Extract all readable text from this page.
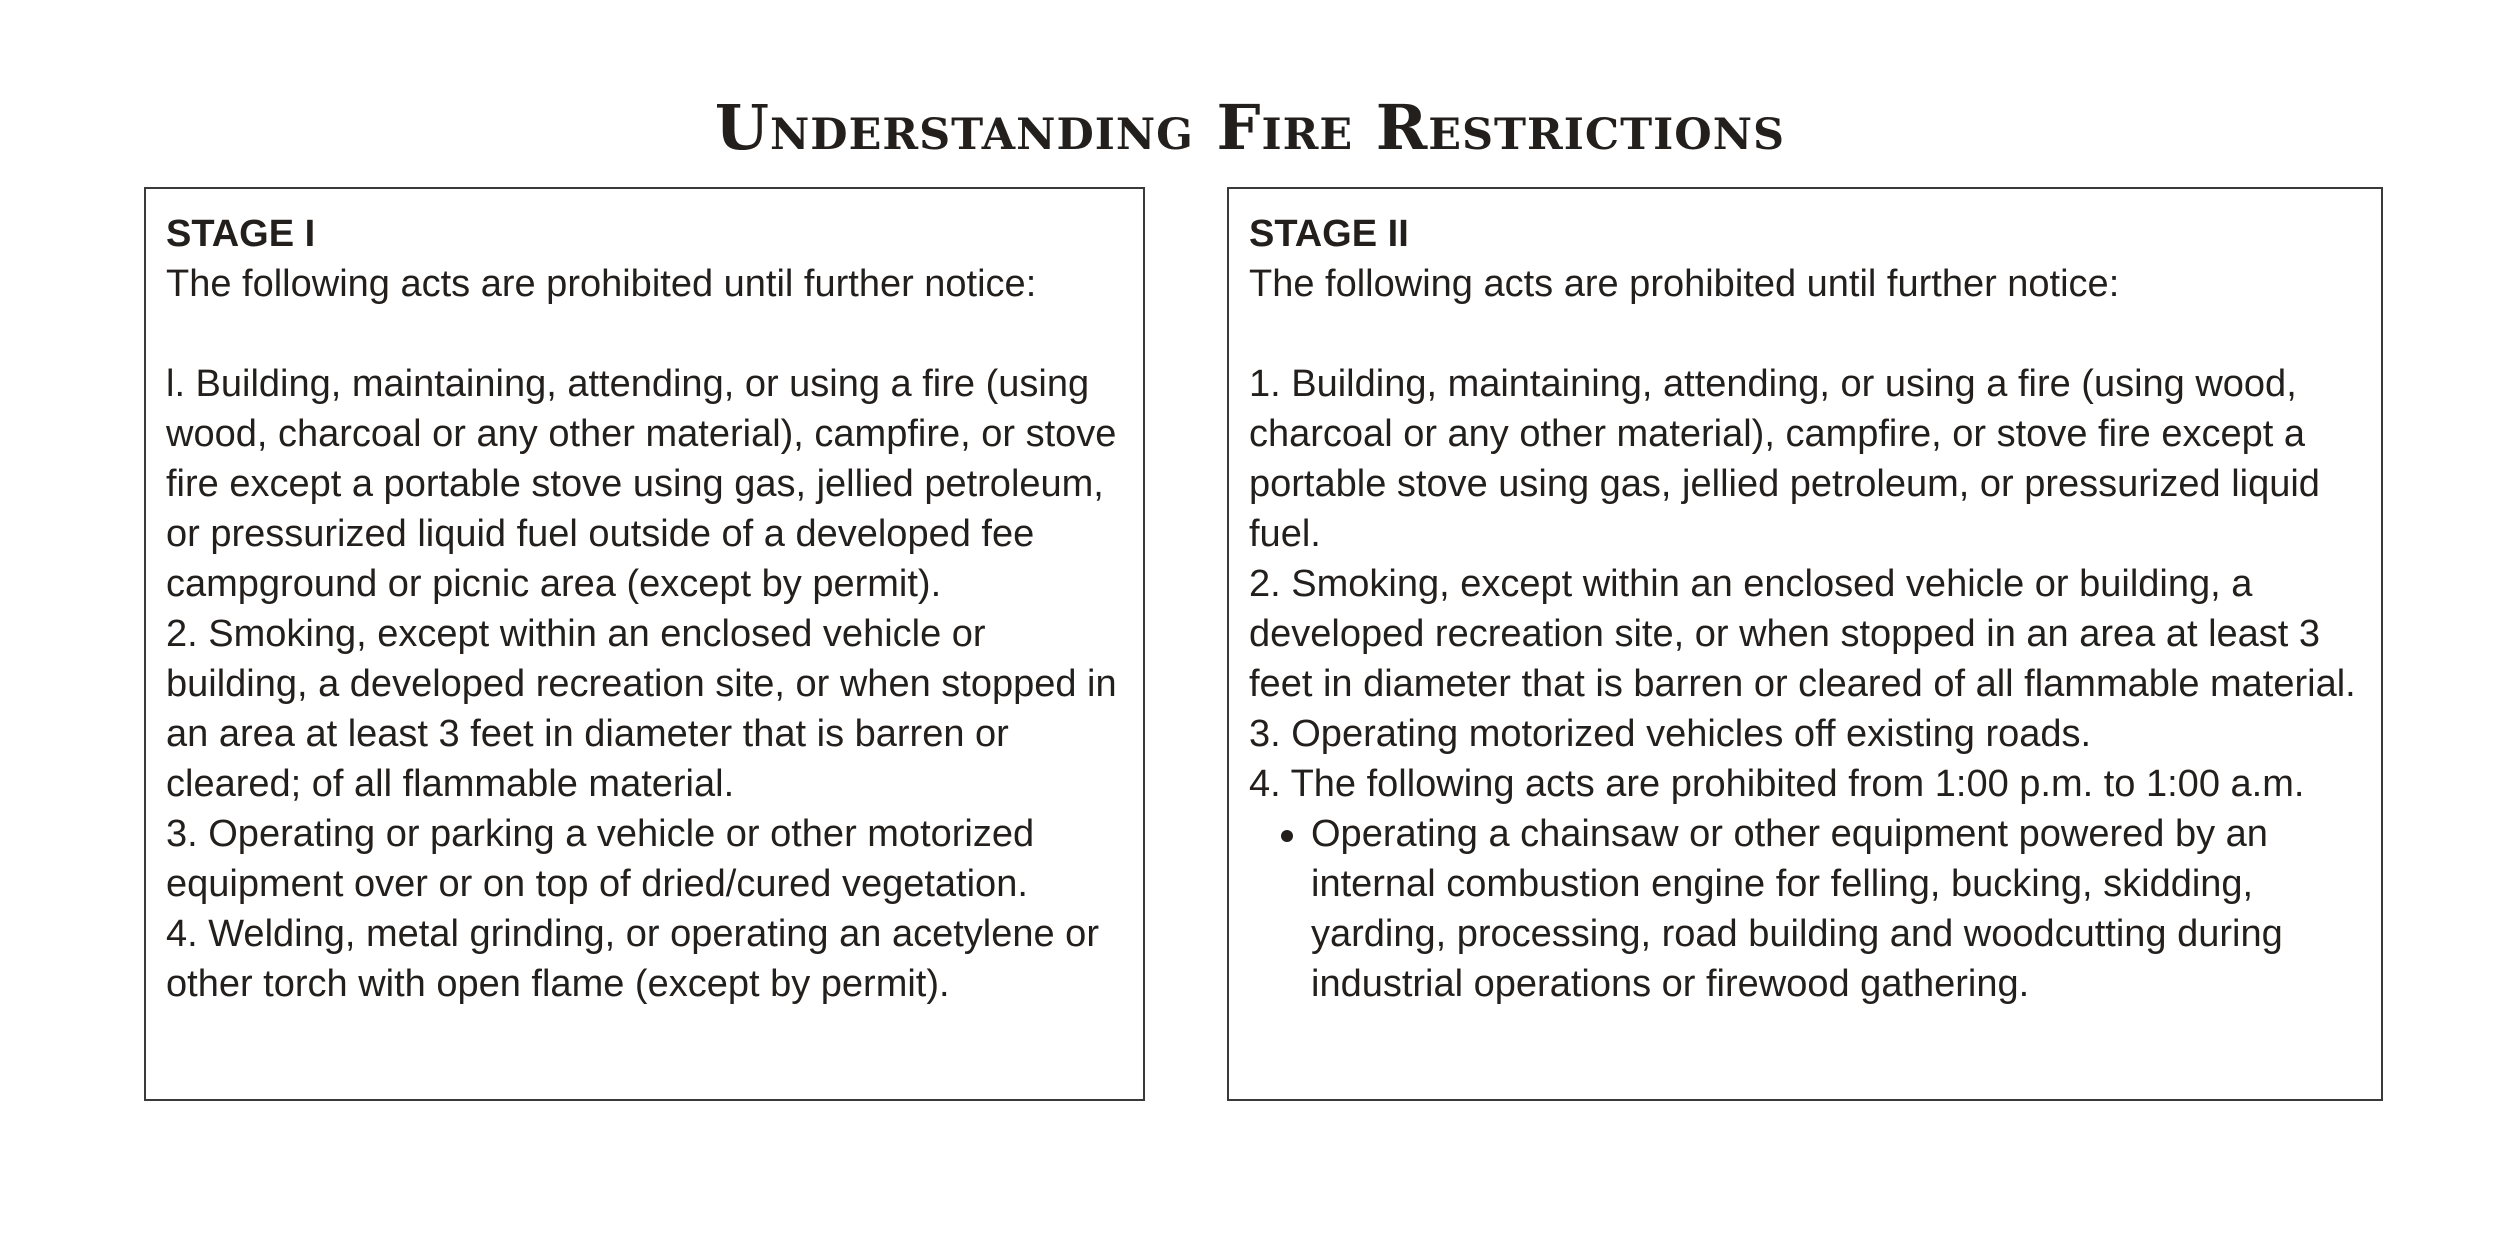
Understanding Fire Restrictions

STAGE I

The following acts are prohibited until further notice:

l. Building, maintaining, attending, or using a fire (using wood, charcoal or any other material), campfire, or stove fire except a portable stove using gas, jellied petroleum, or pressurized liquid fuel outside of a developed fee campground or picnic area (except by permit).

2. Smoking, except within an enclosed vehicle or building, a developed recreation site, or when stopped in an area at least 3 feet in diameter that is barren or cleared; of all flammable material.

3. Operating or parking a vehicle or other motorized equipment over or on top of dried/cured vegetation.

4. Welding, metal grinding, or operating an acetylene or other torch with open flame (except by permit).

STAGE II

The following acts are prohibited until further notice:

1. Building, maintaining, attending, or using a fire (using wood, charcoal or any other material), campfire, or stove fire except a portable stove using gas, jellied petroleum, or pressurized liquid fuel.

2. Smoking, except within an enclosed vehicle or building, a developed recreation site, or when stopped in an area at least 3 feet in diameter that is barren or cleared of all flammable material.

3. Operating motorized vehicles off existing roads.

4. The following acts are prohibited from 1:00 p.m. to 1:00 a.m.

Operating a chainsaw or other equipment powered by an internal combustion engine for felling, bucking, skidding, yarding, processing, road building and woodcutting during industrial operations or firewood gathering.
